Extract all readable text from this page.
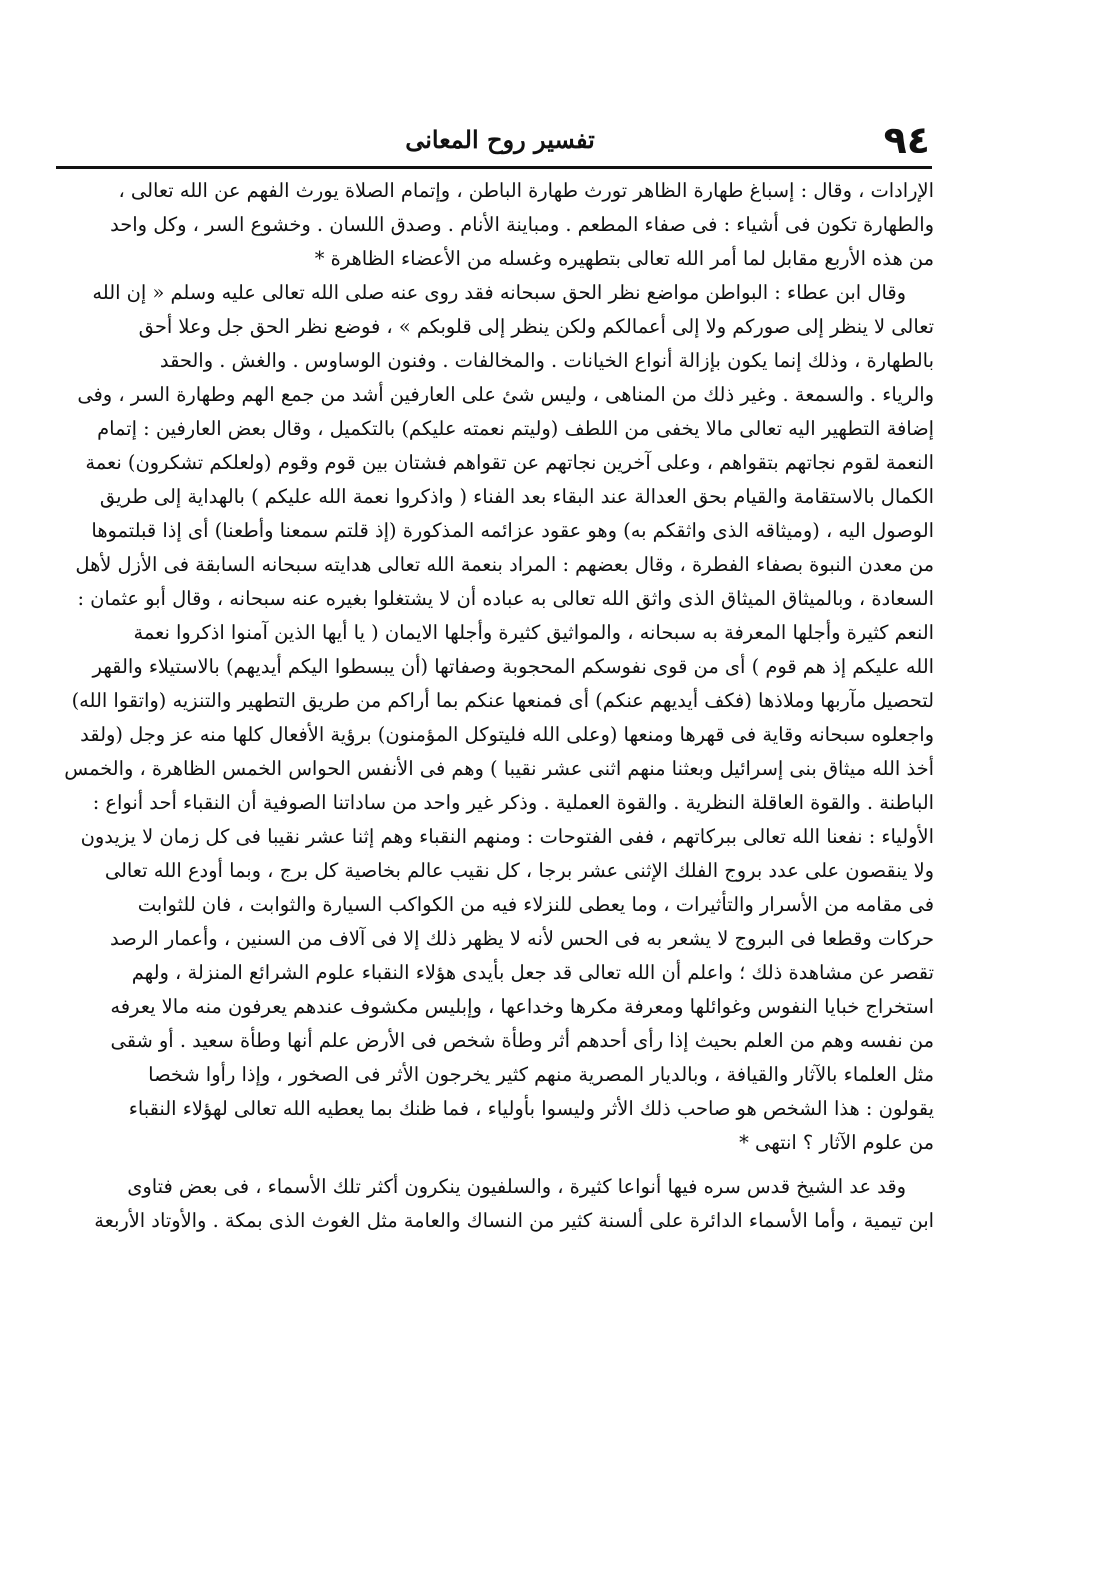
٩٤
تفسير روح المعانى
الإرادات ، وقال : إسباغ طهارة الظاهر تورث طهارة الباطن ، وإتمام الصلاة يورث الفهم عن الله تعالى ،
والطهارة تكون فى أشياء : فى صفاء المطعم . ومباينة الأنام . وصدق اللسان . وخشوع السر ، وكل واحد
من هذه الأربع مقابل لما أمر الله تعالى بتطهيره وغسله من الأعضاء الظاهرة *
وقال ابن عطاء : البواطن مواضع نظر الحق سبحانه فقد روى عنه صلى الله تعالى عليه وسلم « إن الله
تعالى لا ينظر إلى صوركم ولا إلى أعمالكم ولكن ينظر إلى قلوبكم » ، فوضع نظر الحق جل وعلا أحق
بالطهارة ، وذلك إنما يكون بإزالة أنواع الخيانات . والمخالفات . وفنون الوساوس . والغش . والحقد
والرياء . والسمعة . وغير ذلك من المناهى ، وليس شئ على العارفين أشد من جمع الهم وطهارة السر ، وفى
إضافة التطهير اليه تعالى مالا يخفى من اللطف (وليتم نعمته عليكم) بالتكميل ، وقال بعض العارفين : إتمام
النعمة لقوم نجاتهم بتقواهم ، وعلى آخرين نجاتهم عن تقواهم فشتان بين قوم وقوم (ولعلكم تشكرون) نعمة
الكمال بالاستقامة والقيام بحق العدالة عند البقاء بعد الفناء ( واذكروا نعمة الله عليكم ) بالهداية إلى طريق
الوصول اليه ، (وميثاقه الذى واثقكم به) وهو عقود عزائمه المذكورة (إذ قلتم سمعنا وأطعنا) أى إذا قبلتموها
من معدن النبوة بصفاء الفطرة ، وقال بعضهم : المراد بنعمة الله تعالى هدايته سبحانه السابقة فى الأزل لأهل
السعادة ، وبالميثاق الميثاق الذى واثق الله تعالى به عباده أن لا يشتغلوا بغيره عنه سبحانه ، وقال أبو عثمان :
النعم كثيرة وأجلها المعرفة به سبحانه ، والمواثيق كثيرة وأجلها الايمان ( يا أيها الذين آمنوا اذكروا نعمة
الله عليكم إذ هم قوم ) أى من قوى نفوسكم المحجوبة وصفاتها (أن يبسطوا اليكم أيديهم) بالاستيلاء والقهر
لتحصيل مآربها وملاذها (فكف أيديهم عنكم) أى فمنعها عنكم بما أراكم من طريق التطهير والتنزيه (واتقوا الله)
واجعلوه سبحانه وقاية فى قهرها ومنعها (وعلى الله فليتوكل المؤمنون) برؤية الأفعال كلها منه عز وجل (ولقد
أخذ الله ميثاق بنى إسرائيل وبعثنا منهم اثنى عشر نقيبا ) وهم فى الأنفس الحواس الخمس الظاهرة ، والخمس
الباطنة . والقوة العاقلة النظرية . والقوة العملية . وذكر غير واحد من ساداتنا الصوفية أن النقباء أحد أنواع :
الأولياء : نفعنا الله تعالى ببركاتهم ، ففى الفتوحات : ومنهم النقباء وهم إثنا عشر نقيبا فى كل زمان لا يزيدون
ولا ينقصون على عدد بروج الفلك الإثنى عشر برجا ، كل نقيب عالم بخاصية كل برج ، وبما أودع الله تعالى
فى مقامه من الأسرار والتأثيرات ، وما يعطى للنزلاء فيه من الكواكب السيارة والثوابت ، فان للثوابت
حركات وقطعا فى البروج لا يشعر به فى الحس لأنه لا يظهر ذلك إلا فى آلاف من السنين ، وأعمار الرصد
تقصر عن مشاهدة ذلك ؛ واعلم أن الله تعالى قد جعل بأيدى هؤلاء النقباء علوم الشرائع المنزلة ، ولهم
استخراج خبايا النفوس وغوائلها ومعرفة مكرها وخداعها ، وإبليس مكشوف عندهم يعرفون منه مالا يعرفه
من نفسه وهم من العلم بحيث إذا رأى أحدهم أثر وطأة شخص فى الأرض علم أنها وطأة سعيد . أو شقى
مثل العلماء بالآثار والقيافة ، وبالديار المصرية منهم كثير يخرجون الأثر فى الصخور ، وإذا رأوا شخصا
يقولون : هذا الشخص هو صاحب ذلك الأثر وليسوا بأولياء ، فما ظنك بما يعطيه الله تعالى لهؤلاء النقباء
من علوم الآثار ؟ انتهى *
وقد عد الشيخ قدس سره فيها أنواعا كثيرة ، والسلفيون ينكرون أكثر تلك الأسماء ، فى بعض فتاوى
ابن تيمية ، وأما الأسماء الدائرة على ألسنة كثير من النساك والعامة مثل الغوث الذى بمكة . والأوتاد الأربعة
